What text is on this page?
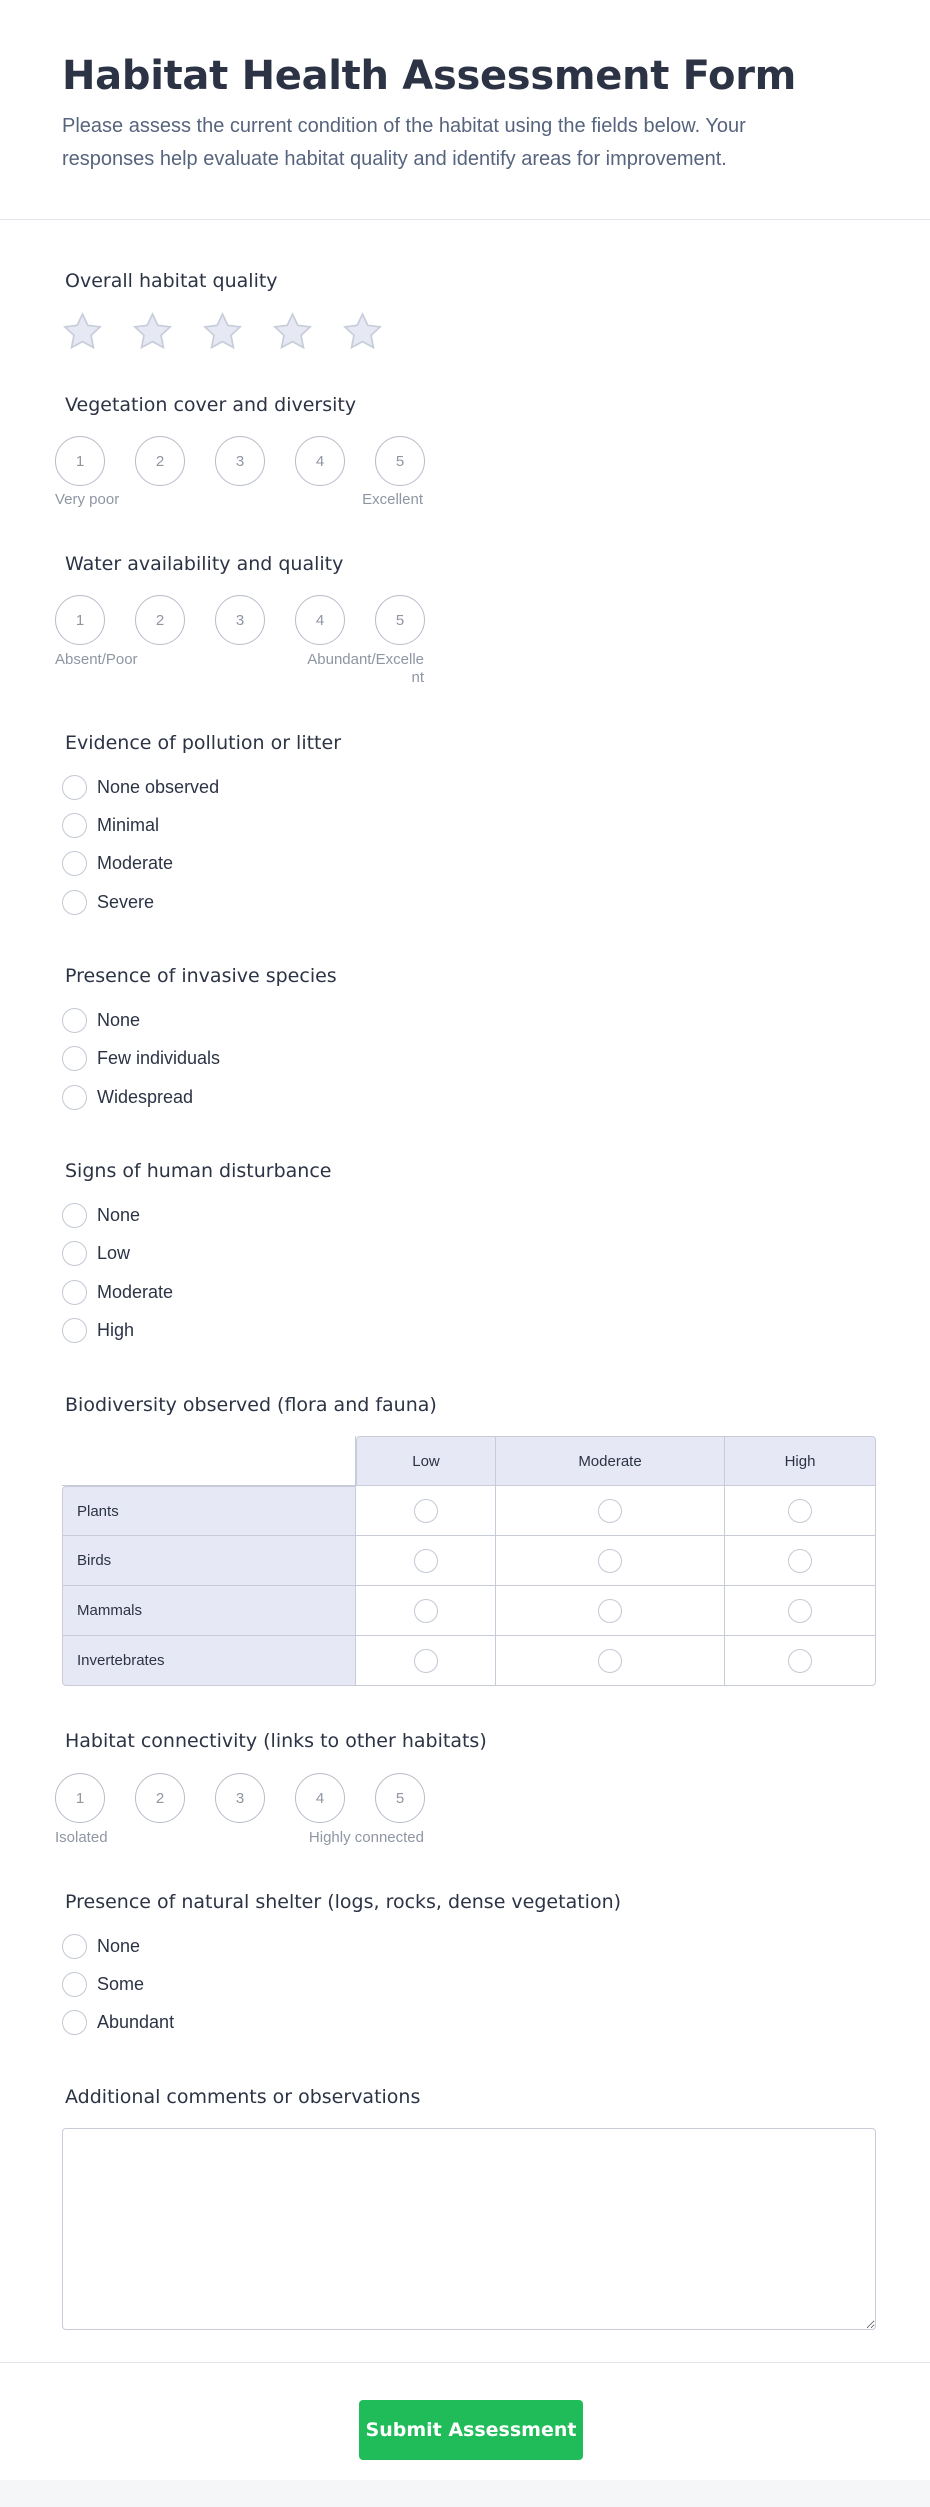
Habitat Health Assessment Form

Please assess the current condition of the habitat using the fields below. Your responses help evaluate habitat quality and identify areas for improvement.

Overall habitat quality
Vegetation cover and diversity
1	2	3	4	5
Very poor	Excellent
Water availability and quality
1	2	3	4	5
Absent/Poor	Abundant/Excelle
nt
Evidence of pollution or litter
None observed
Minimal
Moderate
Severe
Presence of invasive species
None
Few individuals
Widespread
Signs of human disturbance
None
Low
Moderate
High
Biodiversity observed (flora and fauna)
	Low	Moderate	High
Plants			
Birds			
Mammals			
Invertebrates			
Habitat connectivity (links to other habitats)
1	2	3	4	5
Isolated	Highly connected
Presence of natural shelter (logs, rocks, dense vegetation)
None
Some
Abundant
Additional comments or observations
Submit Assessment
